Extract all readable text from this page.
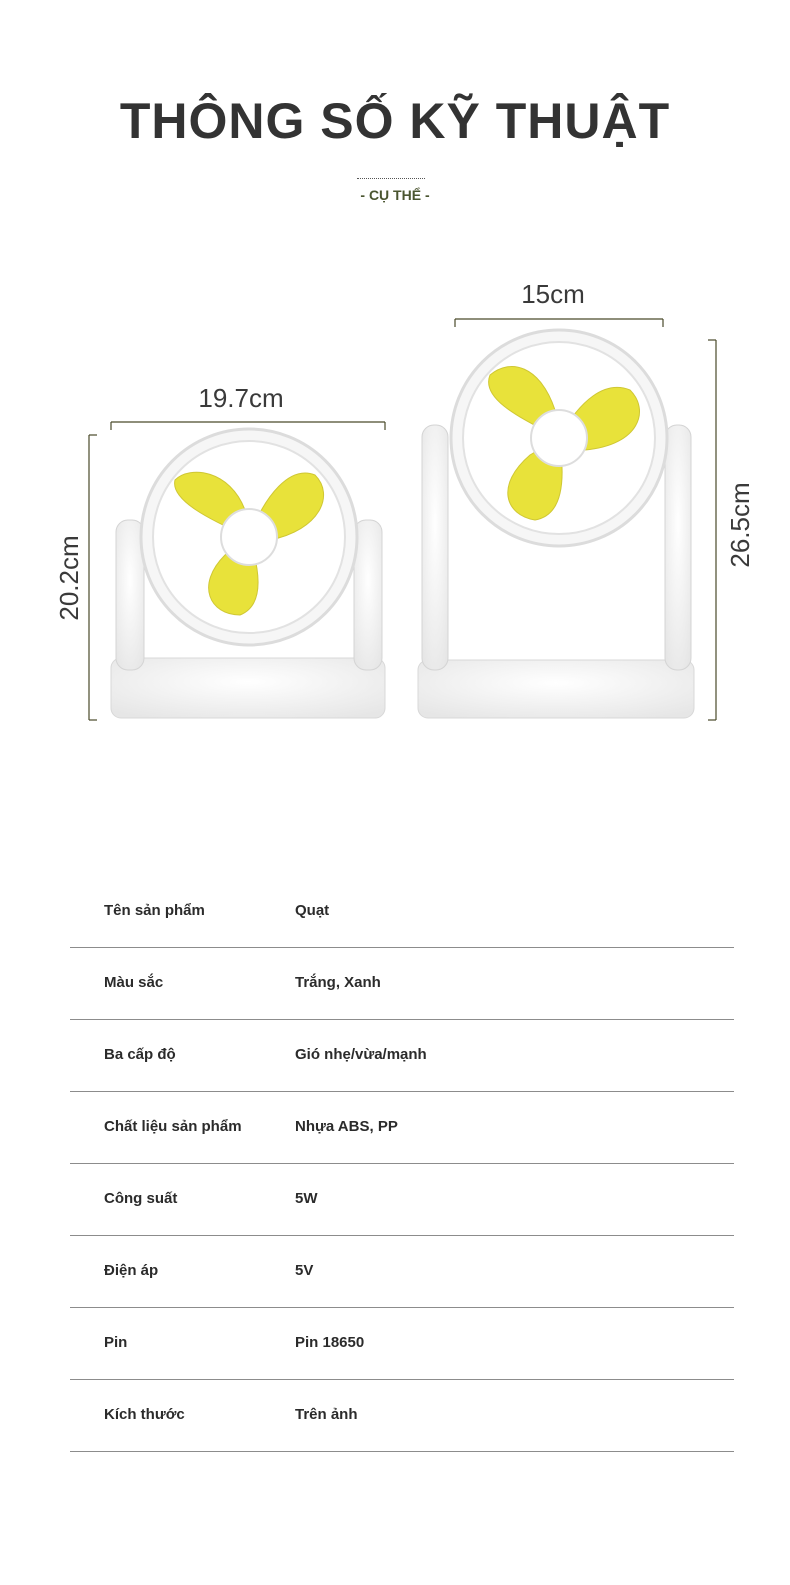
THÔNG SỐ KỸ THUẬT
- CỤ THỂ -
19.7cm
20.2cm
15cm
26.5cm
Tên sản phẩm	Quạt
Màu sắc	Trắng, Xanh
Ba cấp độ	Gió nhẹ/vừa/mạnh
Chất liệu sản phẩm	Nhựa ABS, PP
Công suất	5W
Điện áp	5V
Pin	Pin 18650
Kích thước	Trên ảnh
